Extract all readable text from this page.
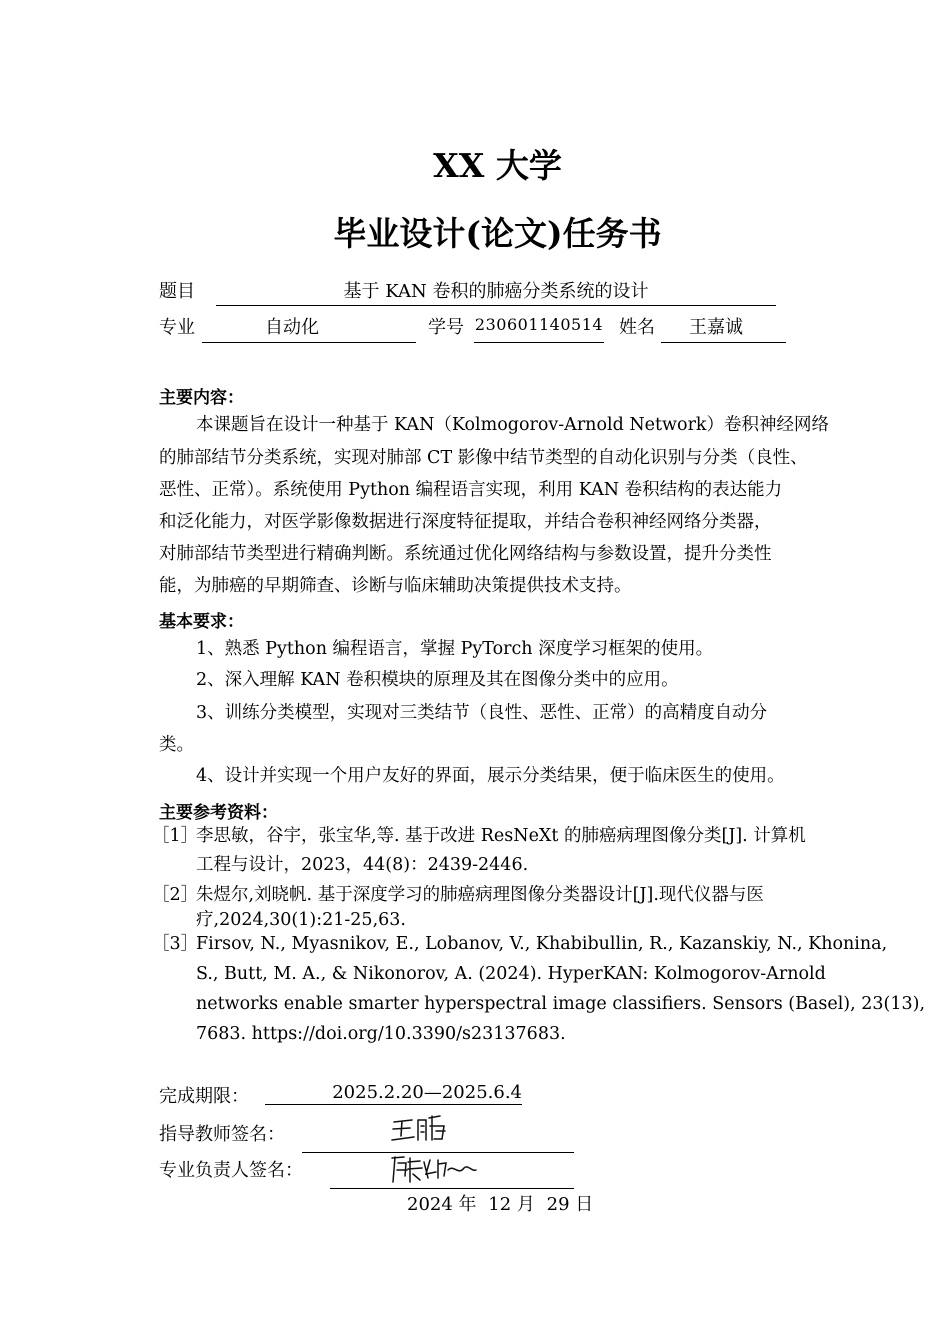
XX 大学
毕业设计(论文)任务书
题目	基于 KAN 卷积的肺癌分类系统的设计
专业	自动化	学号 230601140514 姓名	王嘉诚
主要内容：
本课题旨在设计一种基于 KAN（Kolmogorov-Arnold Network）卷积神经网络
的肺部结节分类系统，实现对肺部 CT 影像中结节类型的自动化识别与分类（良性、
恶性、正常）。系统使用 Python 编程语言实现，利用 KAN 卷积结构的表达能力
和泛化能力，对医学影像数据进行深度特征提取，并结合卷积神经网络分类器，
对肺部结节类型进行精确判断。系统通过优化网络结构与参数设置，提升分类性
能，为肺癌的早期筛查、诊断与临床辅助决策提供技术支持。
基本要求：
1、熟悉 Python 编程语言，掌握 PyTorch 深度学习框架的使用。
2、深入理解 KAN 卷积模块的原理及其在图像分类中的应用。
3、训练分类模型，实现对三类结节（良性、恶性、正常）的高精度自动分
类。
4、设计并实现一个用户友好的界面，展示分类结果，便于临床医生的使用。
主要参考资料：
［1］
李思敏，谷宇，张宝华,等. 基于改进 ResNeXt 的肺癌病理图像分类[J]. 计算机
工程与设计，2023，44(8)：2439-2446.
［2］
朱煜尔,刘晓帆. 基于深度学习的肺癌病理图像分类器设计[J].现代仪器与医
疗,2024,30(1):21-25,63.
［3］
Firsov, N., Myasnikov, E., Lobanov, V., Khabibullin, R., Kazanskiy, N., Khonina,
S., Butt, M. A., & Nikonorov, A. (2024). HyperKAN: Kolmogorov-Arnold
networks enable smarter hyperspectral image classifiers. Sensors (Basel), 23(13),
7683. https://doi.org/10.3390/s23137683.
完成期限：	2025.2.20—2025.6.4
指导教师签名：
专业负责人签名：
2024 年 12 月 29 日
